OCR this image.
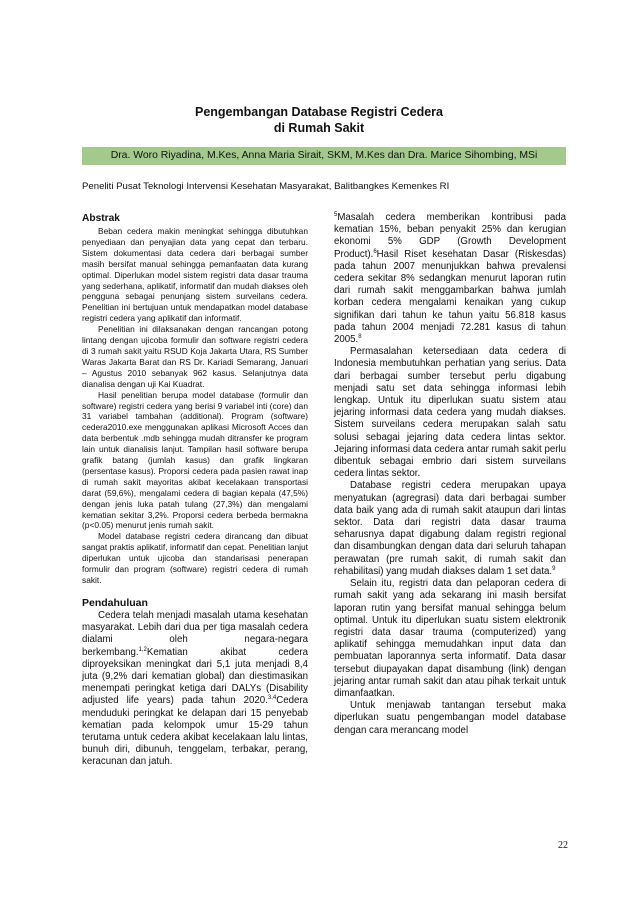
Pengembangan Database Registri Cedera
di Rumah Sakit
Dra. Woro Riyadina, M.Kes, Anna Maria Sirait, SKM, M.Kes dan Dra. Marice Sihombing, MSi
Peneliti Pusat Teknologi Intervensi Kesehatan Masyarakat, Balitbangkes Kemenkes RI
Abstrak

Beban cedera makin meningkat sehingga dibutuhkan penyediaan dan penyajian data yang cepat dan terbaru. Sistem dokumentasi data cedera dari berbagai sumber masih bersifat manual sehingga pemanfaatan data kurang optimal. Diperlukan model sistem registri data dasar trauma yang sederhana, aplikatif, informatif dan mudah diakses oleh pengguna sebagai penunjang sistem surveilans cedera. Penelitian ini bertujuan untuk mendapatkan model database registri cedera yang aplikatif dan informatif.

Penelitian ini dilaksanakan dengan rancangan potong lintang dengan ujicoba formulir dan software registri cedera di 3 rumah sakit yaitu RSUD Koja Jakarta Utara, RS Sumber Waras Jakarta Barat dan RS Dr. Kariadi Semarang, Januari – Agustus 2010 sebanyak 962 kasus. Selanjutnya data dianalisa dengan uji Kai Kuadrat.

Hasil penelitian berupa model database (formulir dan software) registri cedera yang berisi 9 variabel inti (core) dan 31 variabel tambahan (additional). Program (software) cedera2010.exe menggunakan aplikasi Microsoft Acces dan data berbentuk .mdb sehingga mudah ditransfer ke program lain untuk dianalisis lanjut. Tampilan hasil software berupa grafik batang (jumlah kasus) dan grafik lingkaran (persentase kasus). Proporsi cedera pada pasien rawat inap di rumah sakit mayoritas akibat kecelakaan transportasi darat (59,6%), mengalami cedera di bagian kepala (47,5%) dengan jenis luka patah tulang (27,3%) dan mengalami kematian sekitar 3,2%. Proporsi cedera berbeda bermakna (p<0.05) menurut jenis rumah sakit.

Model database registri cedera dirancang dan dibuat sangat praktis aplikatif, informatif dan cepat. Penelitian lanjut diperlukan untuk ujicoba dan standarisasi penerapan formulir dan program (software) registri cedera di rumah sakit.

Pendahuluan

Cedera telah menjadi masalah utama kesehatan masyarakat. Lebih dari dua per tiga masalah cedera dialami oleh negara-negara berkembang.$^{1,2}$Kematian akibat cedera diproyeksikan meningkat dari 5,1 juta menjadi 8,4 juta (9,2% dari kematian global) dan diestimasikan menempati peringkat ketiga dari DALYs (Disability adjusted life years) pada tahun 2020.$^{3,4}$Cedera menduduki peringkat ke delapan dari 15 penyebab kematian pada kelompok umur 15-29 tahun terutama untuk cedera akibat kecelakaan lalu lintas, bunuh diri, dibunuh, tenggelam, terbakar, perang, keracunan dan jatuh.

$^5$Masalah cedera memberikan kontribusi pada kematian 15%, beban penyakit 25% dan kerugian ekonomi 5% GDP (Growth Development Product).$^6$Hasil Riset kesehatan Dasar (Riskesdas) pada tahun 2007 menunjukkan bahwa prevalensi cedera sekitar 8% sedangkan menurut laporan rutin dari rumah sakit menggambarkan bahwa jumlah korban cedera mengalami kenaikan yang cukup signifikan dari tahun ke tahun yaitu 56.818 kasus pada tahun 2004 menjadi 72.281 kasus di tahun 2005.$^8$

Permasalahan ketersediaan data cedera di Indonesia membutuhkan perhatian yang serius. Data dari berbagai sumber tersebut perlu digabung menjadi satu set data sehingga informasi lebih lengkap. Untuk itu diperlukan suatu sistem atau jejaring informasi data cedera yang mudah diakses. Sistem surveilans cedera merupakan salah satu solusi sebagai jejaring data cedera lintas sektor. Jejaring informasi data cedera antar rumah sakit perlu dibentuk sebagai embrio dari sistem surveilans cedera lintas sektor.

Database registri cedera merupakan upaya menyatukan (agregrasi) data dari berbagai sumber data baik yang ada di rumah sakit ataupun dari lintas sektor. Data dari registri data dasar trauma seharusnya dapat digabung dalam registri regional dan disambungkan dengan data dari seluruh tahapan perawatan (pre rumah sakit, di rumah sakit dan rehabilitasi) yang mudah diakses dalam 1 set data.$^9$

Selain itu, registri data dan pelaporan cedera di rumah sakit yang ada sekarang ini masih bersifat laporan rutin yang bersifat manual sehingga belum optimal. Untuk itu diperlukan suatu sistem elektronik registri data dasar trauma (computerized) yang aplikatif sehingga memudahkan input data dan pembuatan laporannya serta informatif. Data dasar tersebut diupayakan dapat disambung (link) dengan jejaring antar rumah sakit dan atau pihak terkait untuk dimanfaatkan.

Untuk menjawab tantangan tersebut maka diperlukan suatu pengembangan model database dengan cara merancang model

22
